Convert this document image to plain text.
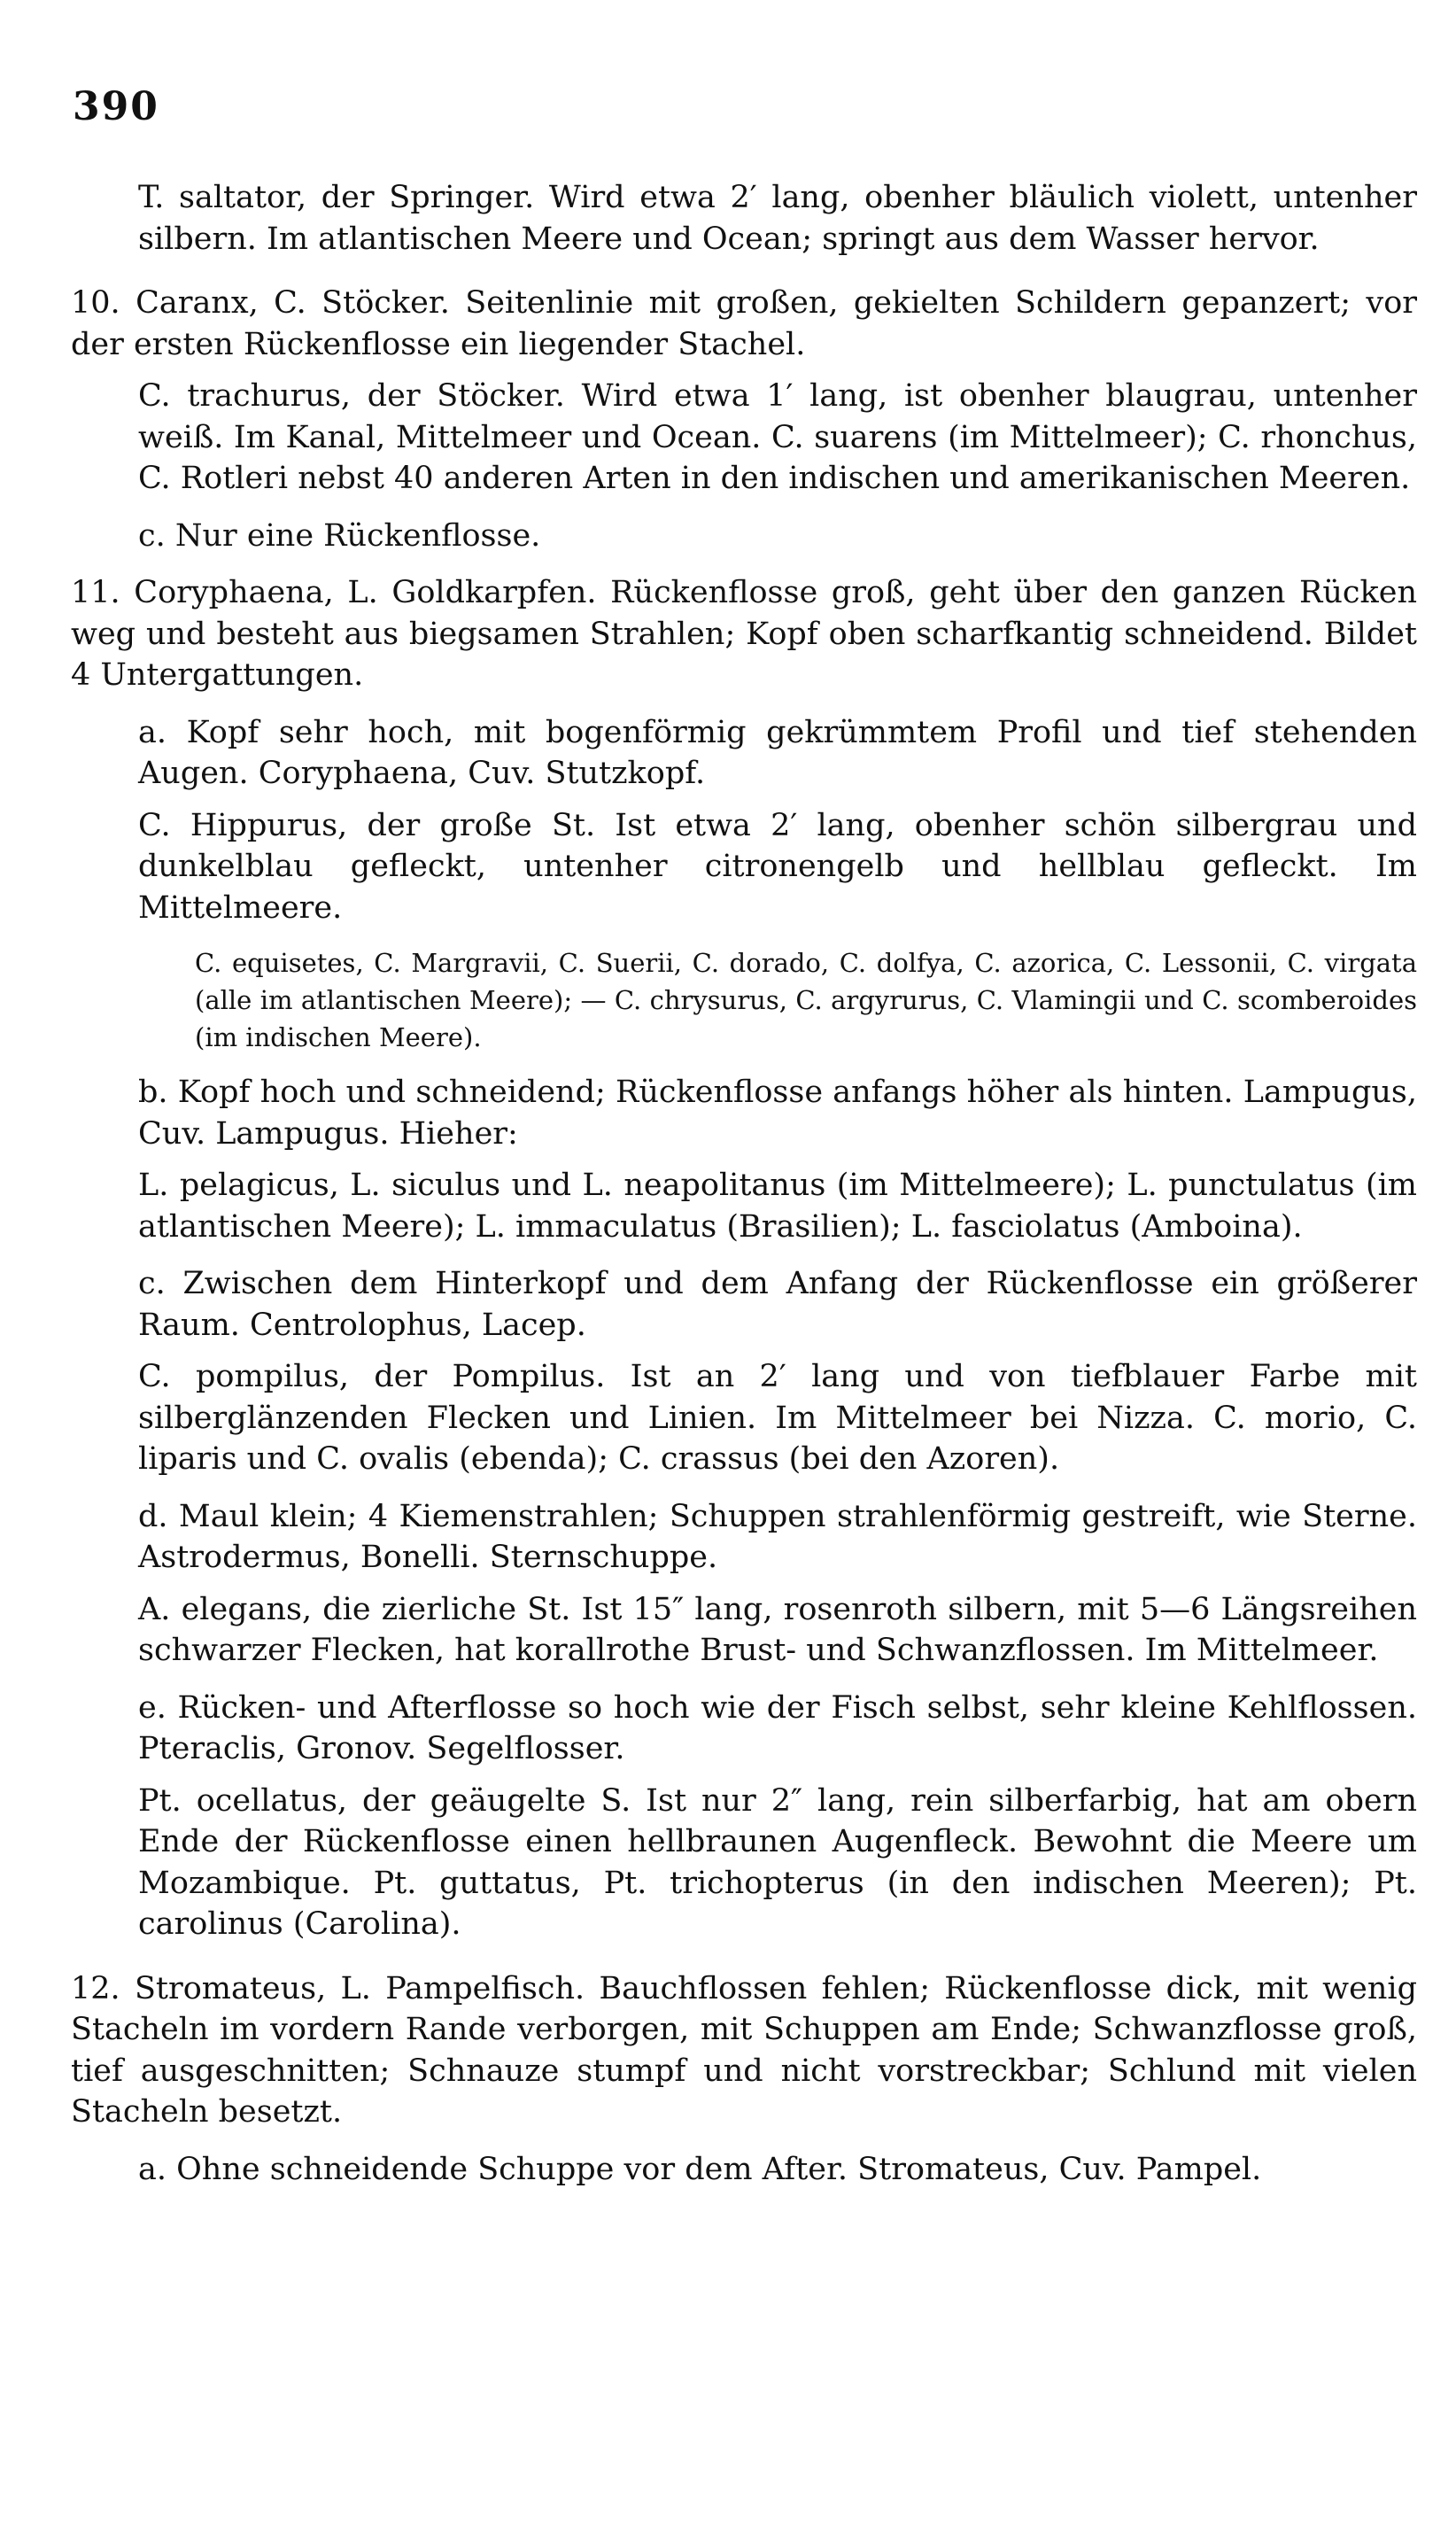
390

T. saltator, der Springer. Wird etwa 2′ lang, obenher bläulich violett, untenher silbern. Im atlantischen Meere und Ocean; springt aus dem Wasser hervor.

10. Caranx, C. Stöcker. Seitenlinie mit großen, gekielten Schildern gepanzert; vor der ersten Rückenflosse ein liegender Stachel.

C. trachurus, der Stöcker. Wird etwa 1′ lang, ist obenher blaugrau, untenher weiß. Im Kanal, Mittelmeer und Ocean. C. suarens (im Mittelmeer); C. rhonchus, C. Rotleri nebst 40 anderen Arten in den indischen und amerikanischen Meeren.

c. Nur eine Rückenflosse.

11. Coryphaena, L. Goldkarpfen. Rückenflosse groß, geht über den ganzen Rücken weg und besteht aus biegsamen Strahlen; Kopf oben scharfkantig schneidend. Bildet 4 Untergattungen.

a. Kopf sehr hoch, mit bogenförmig gekrümmtem Profil und tief stehenden Augen. Coryphaena, Cuv. Stutzkopf.

C. Hippurus, der große St. Ist etwa 2′ lang, obenher schön silbergrau und dunkelblau gefleckt, untenher citronengelb und hellblau gefleckt. Im Mittelmeere.

C. equisetes, C. Margravii, C. Suerii, C. dorado, C. dolfya, C. azorica, C. Lessonii, C. virgata (alle im atlantischen Meere); — C. chrysurus, C. argyrurus, C. Vlamingii und C. scomberoides (im indischen Meere).

b. Kopf hoch und schneidend; Rückenflosse anfangs höher als hinten. Lampugus, Cuv. Lampugus. Hieher:

L. pelagicus, L. siculus und L. neapolitanus (im Mittelmeere); L. punctulatus (im atlantischen Meere); L. immaculatus (Brasilien); L. fasciolatus (Amboina).

c. Zwischen dem Hinterkopf und dem Anfang der Rückenflosse ein größerer Raum. Centrolophus, Lacep.

C. pompilus, der Pompilus. Ist an 2′ lang und von tiefblauer Farbe mit silberglänzenden Flecken und Linien. Im Mittelmeer bei Nizza. C. morio, C. liparis und C. ovalis (ebenda); C. crassus (bei den Azoren).

d. Maul klein; 4 Kiemenstrahlen; Schuppen strahlenförmig gestreift, wie Sterne. Astrodermus, Bonelli. Sternschuppe.

A. elegans, die zierliche St. Ist 15″ lang, rosenroth silbern, mit 5—6 Längsreihen schwarzer Flecken, hat korallrothe Brust- und Schwanzflossen. Im Mittelmeer.

e. Rücken- und Afterflosse so hoch wie der Fisch selbst, sehr kleine Kehlflossen. Pteraclis, Gronov. Segelflosser.

Pt. ocellatus, der geäugelte S. Ist nur 2″ lang, rein silberfarbig, hat am obern Ende der Rückenflosse einen hellbraunen Augenfleck. Bewohnt die Meere um Mozambique. Pt. guttatus, Pt. trichopterus (in den indischen Meeren); Pt. carolinus (Carolina).

12. Stromateus, L. Pampelfisch. Bauchflossen fehlen; Rückenflosse dick, mit wenig Stacheln im vordern Rande verborgen, mit Schuppen am Ende; Schwanzflosse groß, tief ausgeschnitten; Schnauze stumpf und nicht vorstreckbar; Schlund mit vielen Stacheln besetzt.

a. Ohne schneidende Schuppe vor dem After. Stromateus, Cuv. Pampel.
